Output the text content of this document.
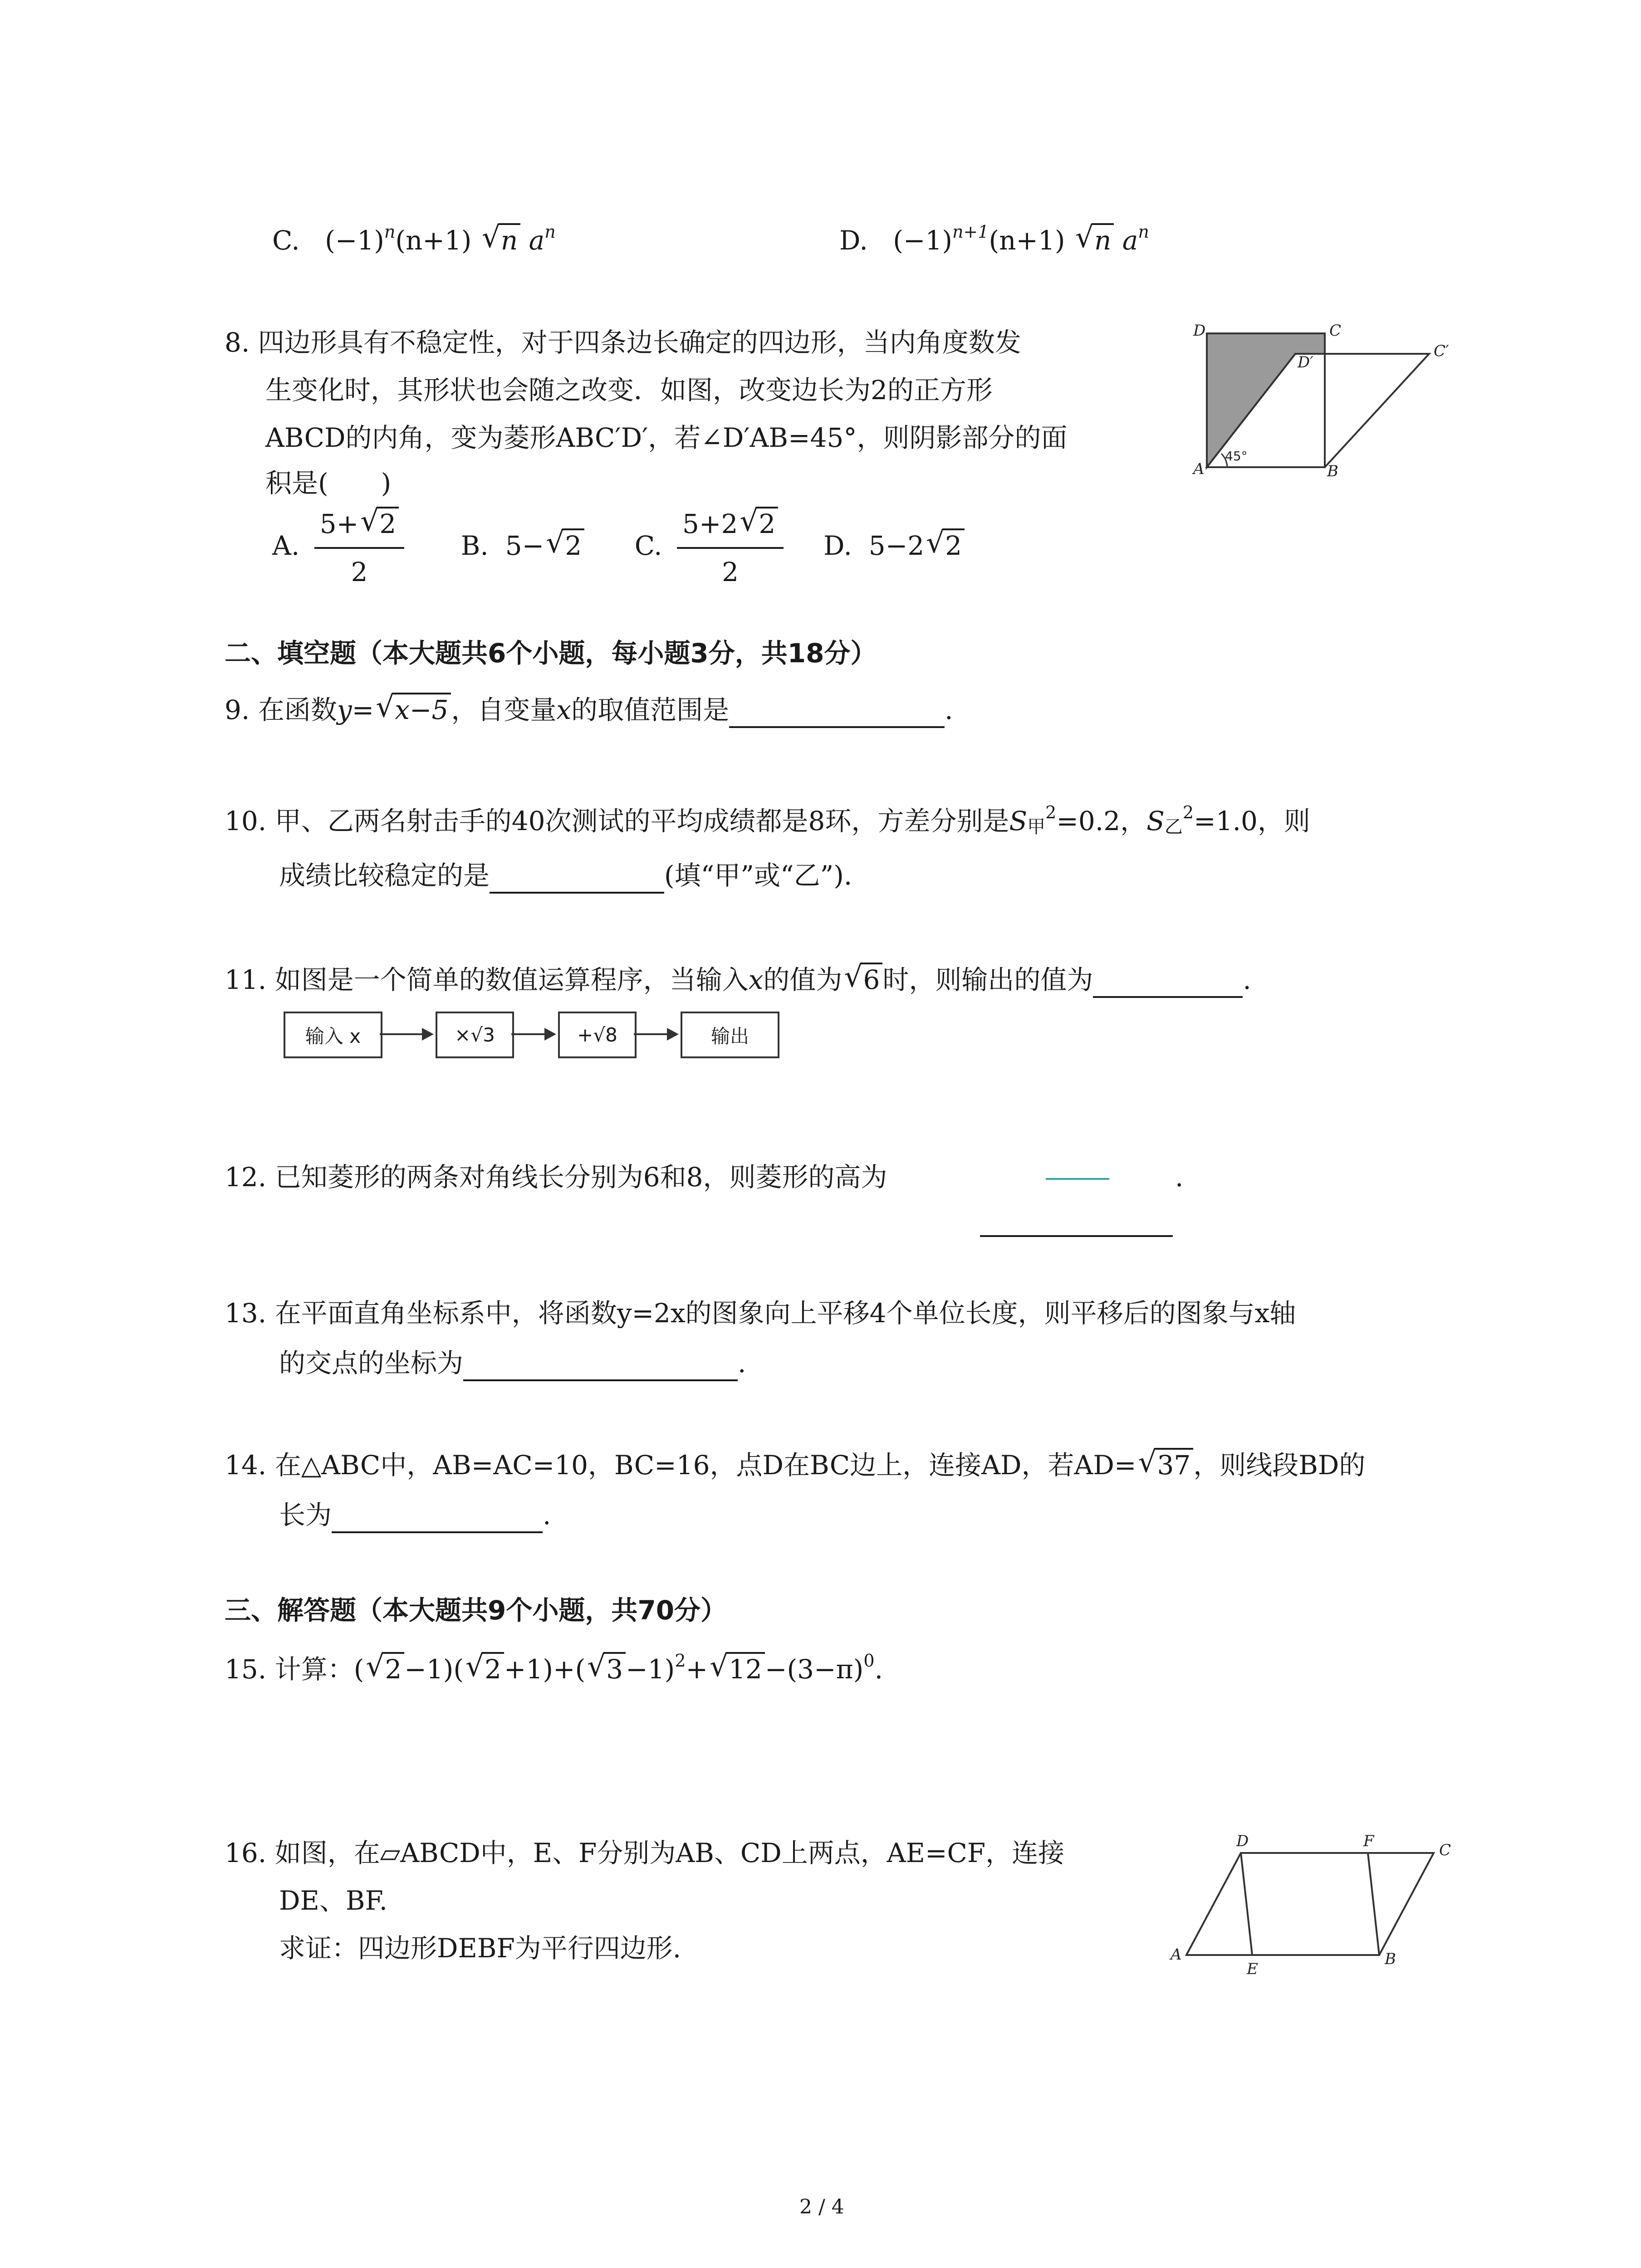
C. $(-1)^n(n+1)$ √ n $a^n$	D. $(-1)^{n+1}(n+1)$ √ n $a^n$
8. 四边形具有不稳定性，对于四条边长确定的四边形，当内角度数发
生变化时，其形状也会随之改变．如图，改变边长为2的正方形
ABCD的内角，变为菱形ABC′D′，若∠D′AB=45°，则阴影部分的面
积是(　　)
A. $\frac{5+ √ 2}{2} B$. 5− √ 2 C. $\frac{5+2 √ 2}{2} D$. 5−2 √ 2
D	C
D′
C′
A	B
45°
二、填空题（本大题共6个小题，每小题3分，共18分）
9. 在函数y= √ x−5 ，自变量x的取值范围是	.
10. 甲、乙两名射击手的40次测试的平均成绩都是8环，方差分别是S甲$^2$=0.2，S乙$^2$=1.0，则
成绩比较稳定的是	(填“甲”或“乙”).
11. 如图是一个简单的数值运算程序，当输入x的值为 √ 6 时，则输出的值为	.
输入 x	×√3	+√8	输出
12. 已知菱形的两条对角线长分别为6和8，则菱形的高为	.
13. 在平面直角坐标系中，将函数y=2x的图象向上平移4个单位长度，则平移后的图象与x轴
的交点的坐标为	.
14. 在△ABC中，AB=AC=10，BC=16，点D在BC边上，连接AD，若AD= √ 37 ，则线段BD的
长为	.
三、解答题（本大题共9个小题，共70分）
15. 计算：( √ 2 −1)( √ 2 +1)+( √ 3 −1)$^2$+ √ $12 -(3-\pi)^0$.
16. 如图，在▱ABCD中，E、F分别为AB、CD上两点，AE=CF，连接
DE、BF.
求证：四边形DEBF为平行四边形.
D	F	C
A
E
B
2 / 4
